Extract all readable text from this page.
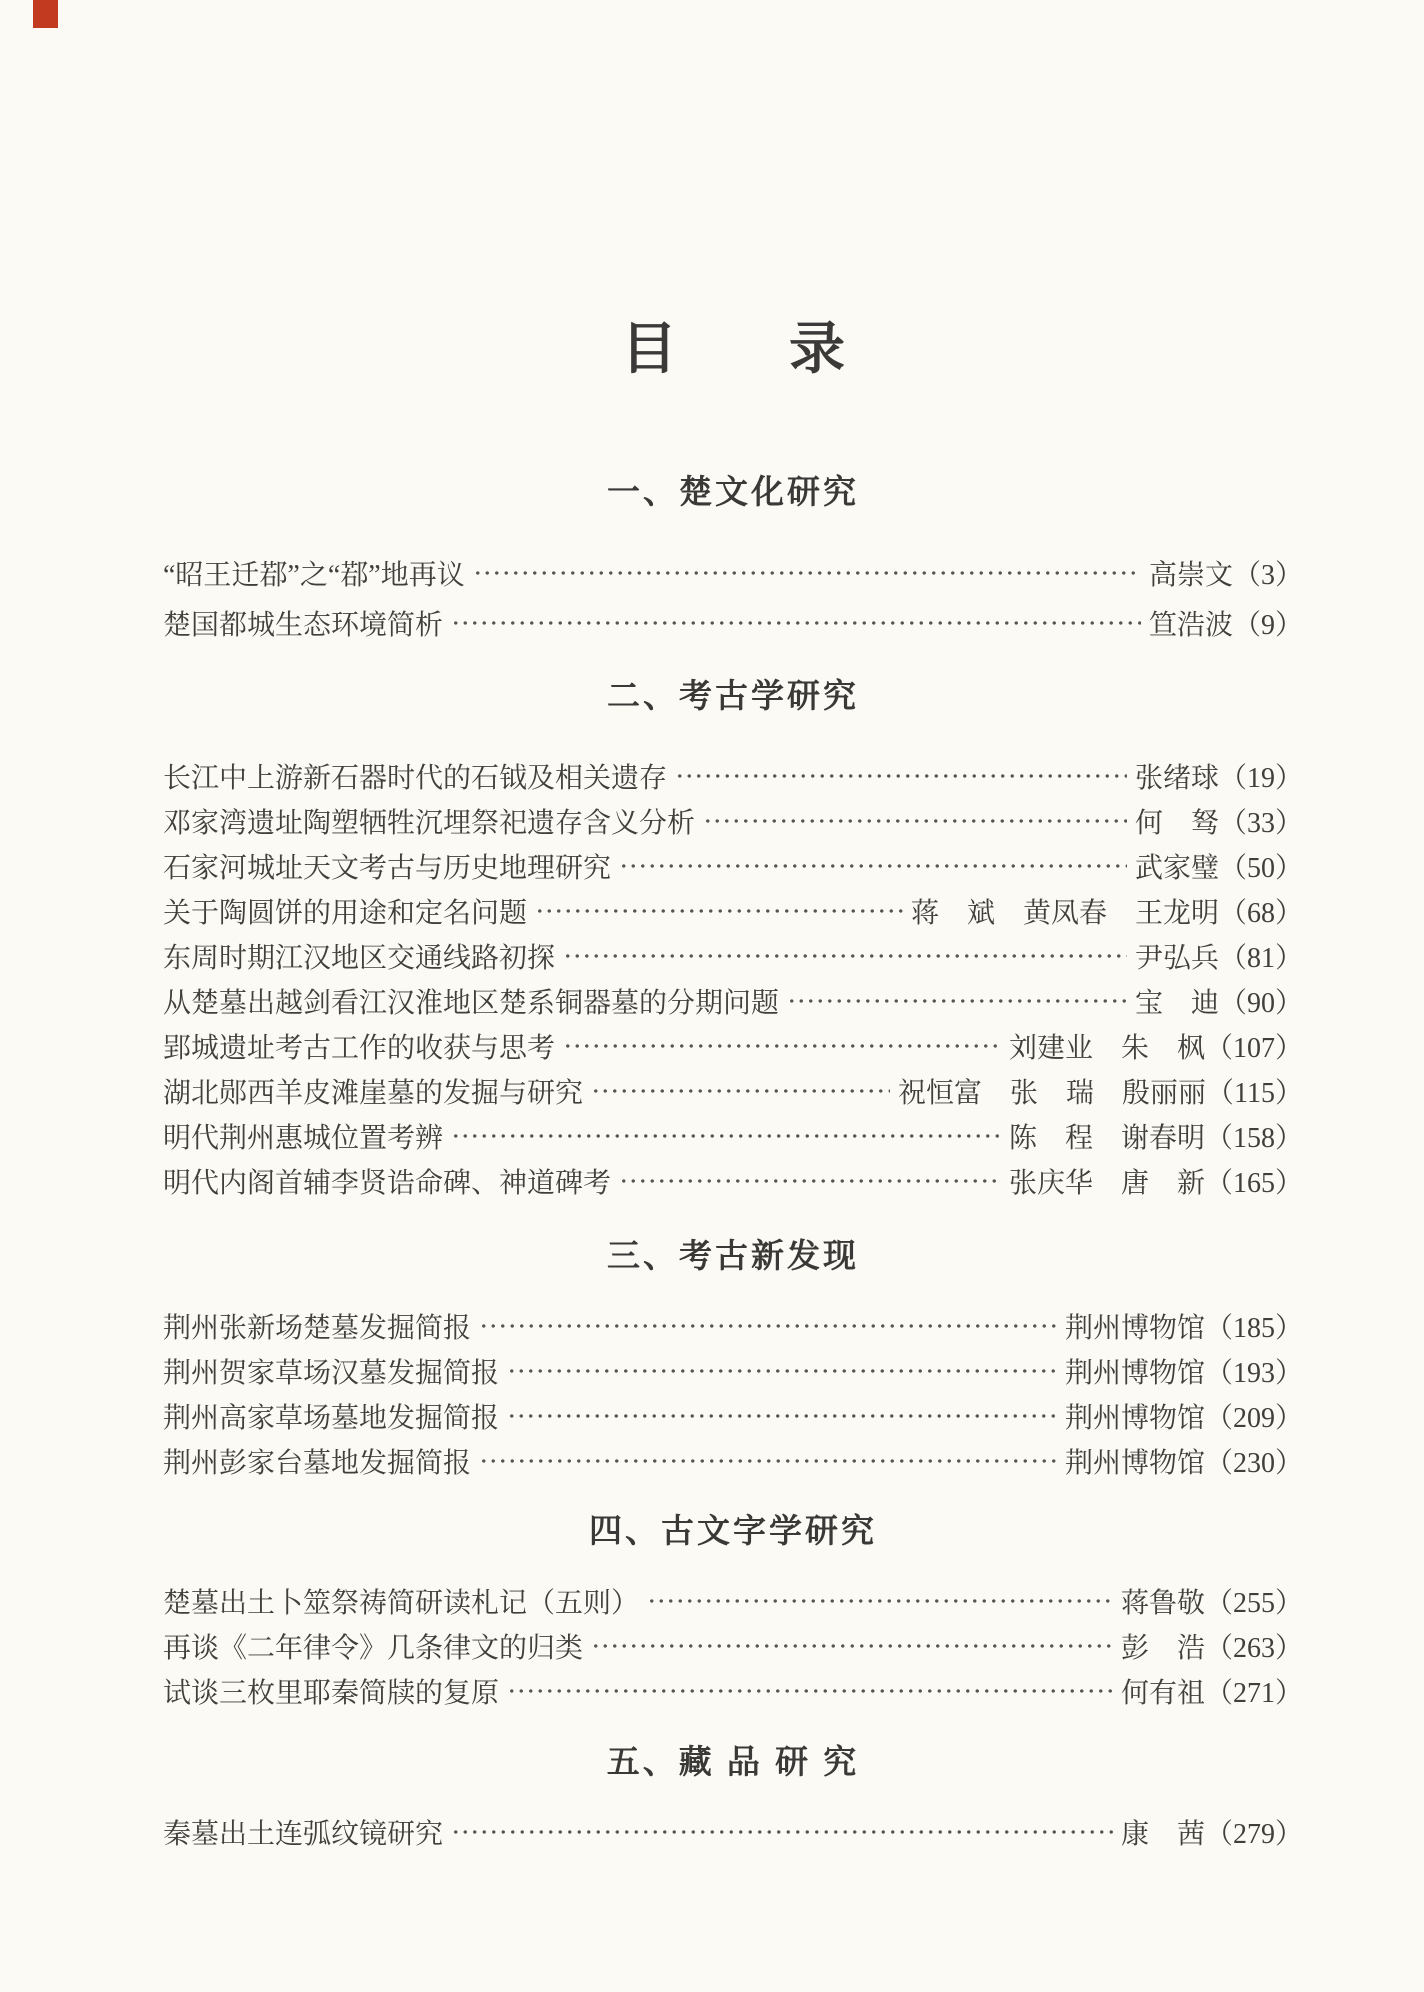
目　　录
一、楚文化研究
“昭王迁鄀”之“鄀”地再议	高崇文 （3）
楚国都城生态环境简析	笪浩波 （9）
二、考古学研究
长江中上游新石器时代的石钺及相关遗存	张绪球 （19）
邓家湾遗址陶塑牺牲沉埋祭祀遗存含义分析	何　驽 （33）
石家河城址天文考古与历史地理研究	武家璧 （50）
关于陶圆饼的用途和定名问题	蒋　斌　黄凤春　王龙明 （68）
东周时期江汉地区交通线路初探	尹弘兵 （81）
从楚墓出越剑看江汉淮地区楚系铜器墓的分期问题	宝　迪 （90）
郢城遗址考古工作的收获与思考	刘建业　朱　枫 （107）
湖北郧西羊皮滩崖墓的发掘与研究	祝恒富　张　瑞　殷丽丽 （115）
明代荆州惠城位置考辨	陈　程　谢春明 （158）
明代内阁首辅李贤诰命碑、神道碑考	张庆华　唐　新 （165）
三、考古新发现
荆州张新场楚墓发掘简报	荆州博物馆 （185）
荆州贺家草场汉墓发掘简报	荆州博物馆 （193）
荆州高家草场墓地发掘简报	荆州博物馆 （209）
荆州彭家台墓地发掘简报	荆州博物馆 （230）
四、古文字学研究
楚墓出土卜筮祭祷简研读札记（五则）	蒋鲁敬 （255）
再谈《二年律令》几条律文的归类	彭　浩 （263）
试谈三枚里耶秦简牍的复原	何有祖 （271）
五、藏 品 研 究
秦墓出土连弧纹镜研究	康　茜 （279）
